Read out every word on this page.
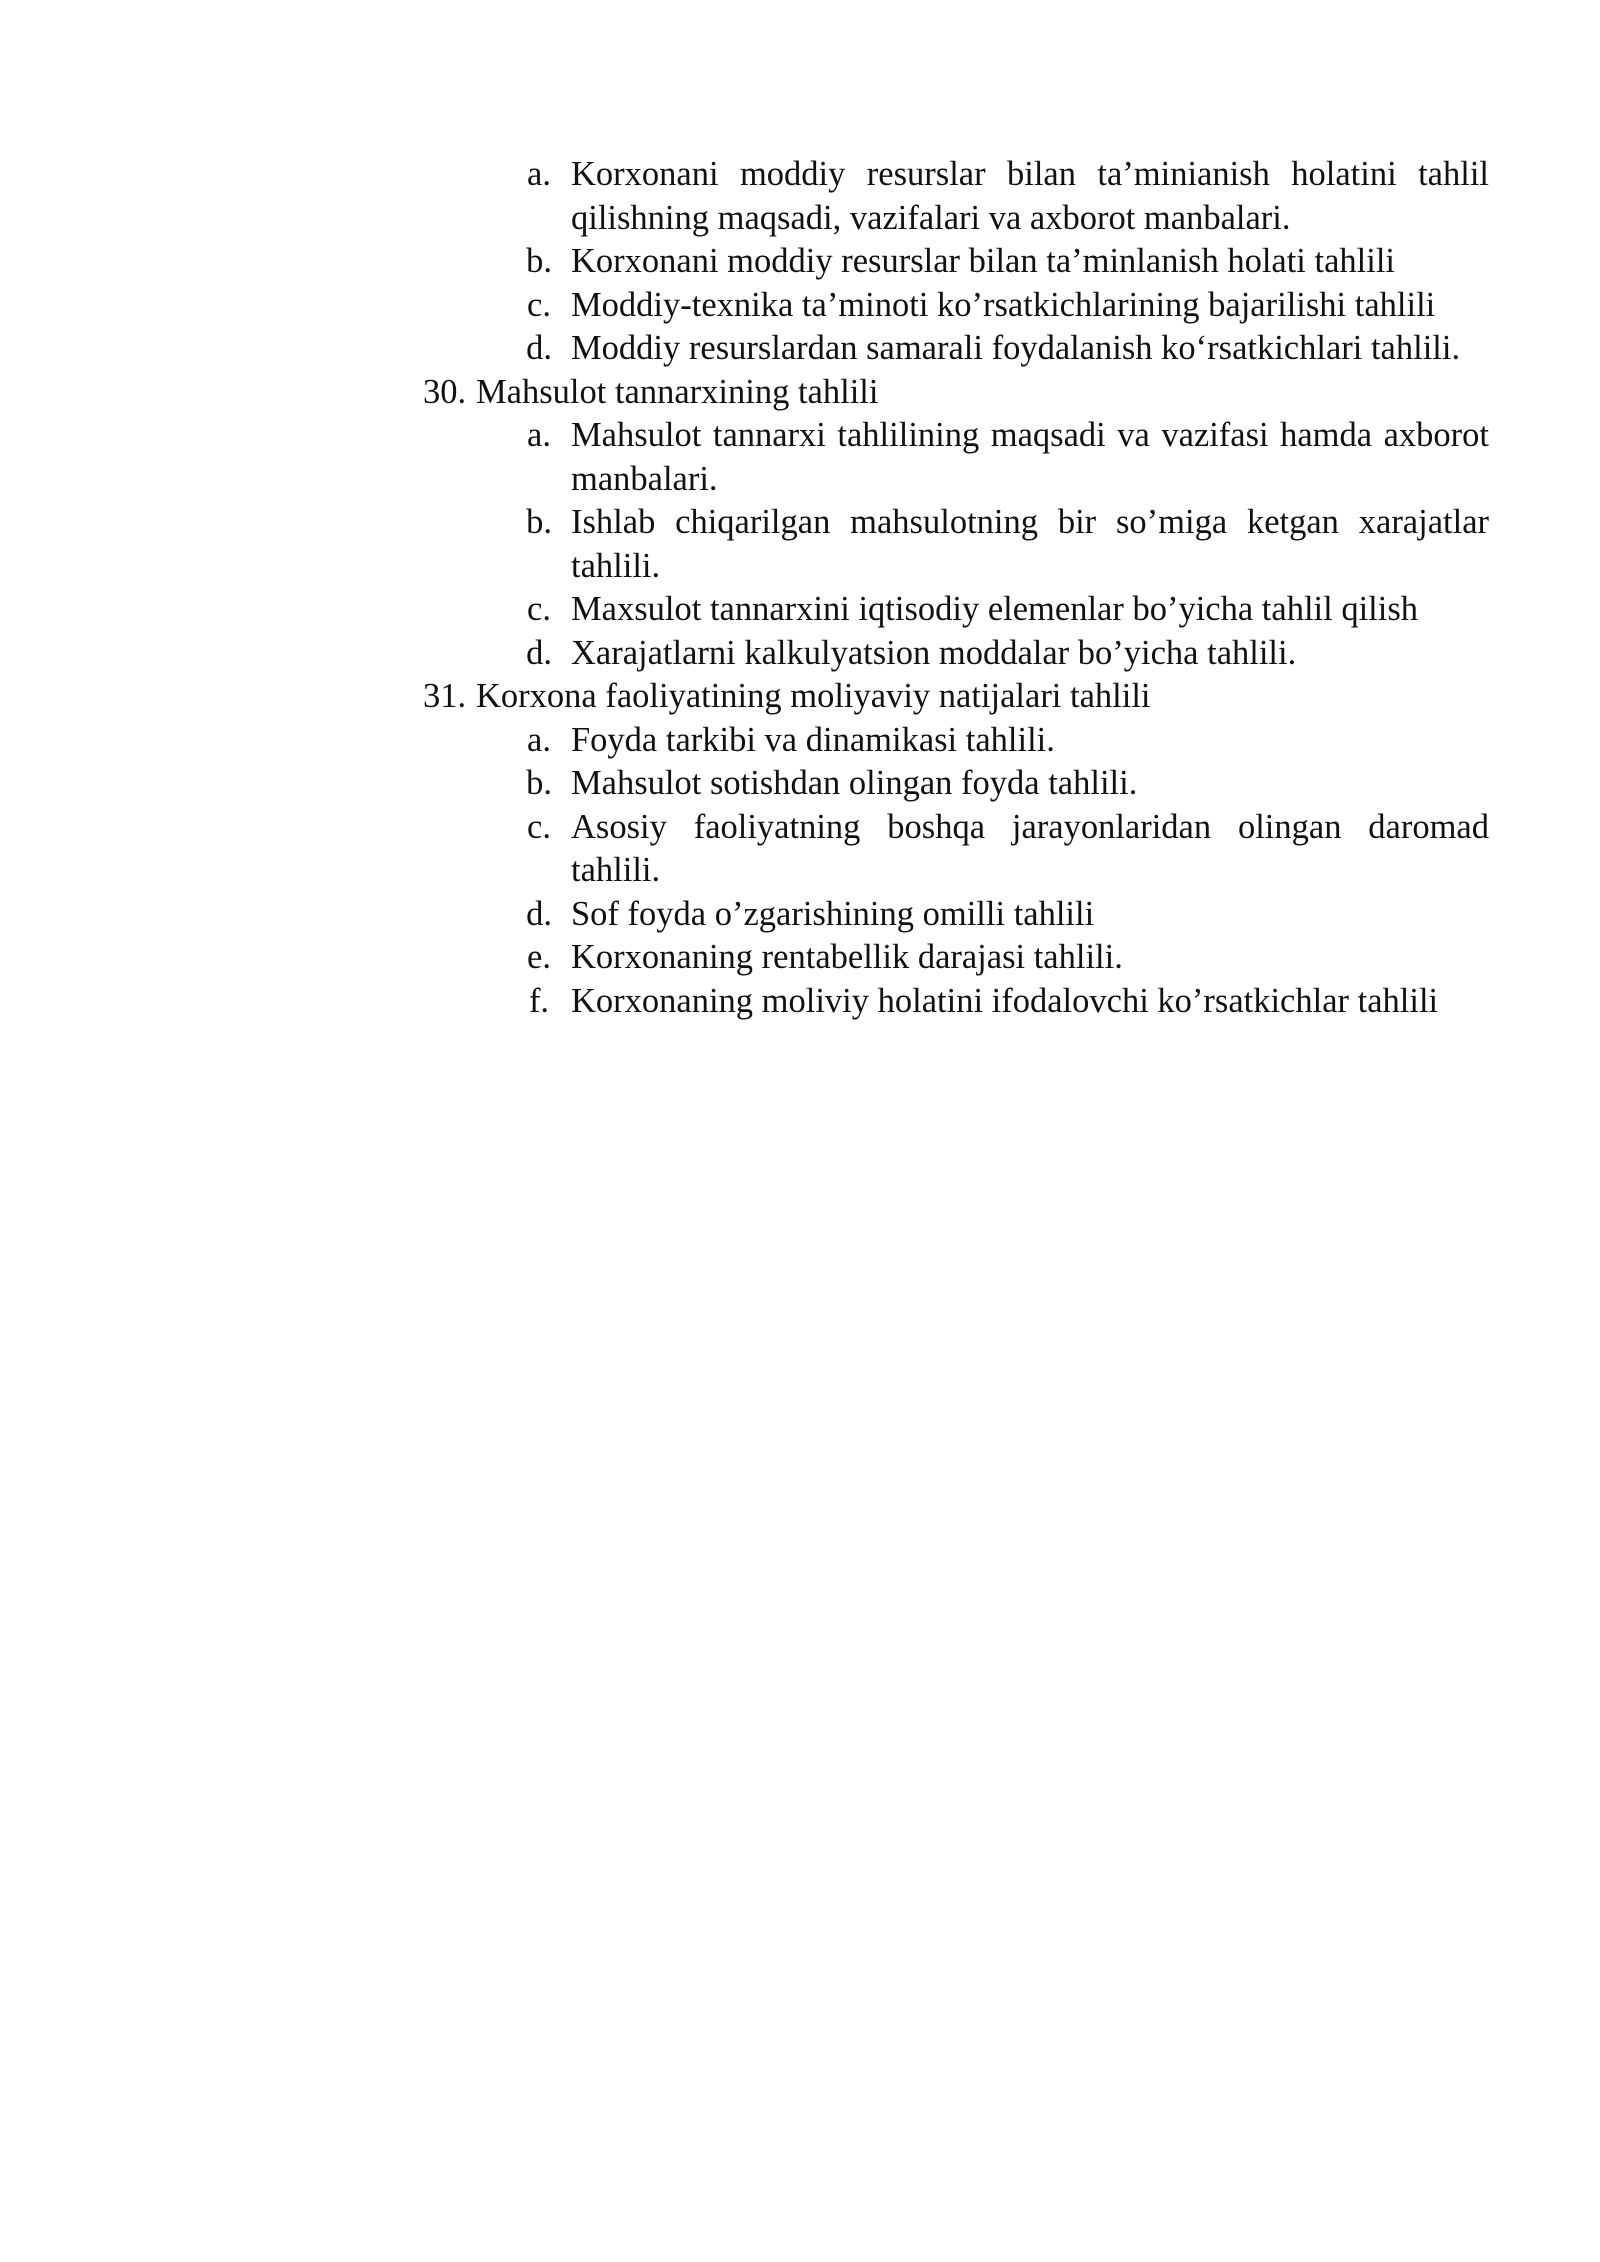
a. Korxonani moddiy resurslar bilan ta’minianish holatini tahlil qilishning maqsadi, vazifalari va axborot manbalari.
b. Korxonani moddiy resurslar bilan ta’minlanish holati tahlili
c. Moddiy-texnika ta’minoti ko’rsatkichlarining bajarilishi tahlili
d. Moddiy resurslardan samarali foydalanish ko‘rsatkichlari tahlili.
30. Mahsulot tannarxining tahlili
a. Mahsulot tannarxi tahlilining maqsadi va vazifasi hamda axborot manbalari.
b. Ishlab chiqarilgan mahsulotning bir so’miga ketgan xarajatlar tahlili.
c. Maxsulot tannarxini iqtisodiy elemenlar bo’yicha tahlil qilish
d. Xarajatlarni kalkulyatsion moddalar bo’yicha tahlili.
31. Korxona faoliyatining moliyaviy natijalari tahlili
a. Foyda tarkibi va dinamikasi tahlili.
b. Mahsulot sotishdan olingan foyda tahlili.
c. Asosiy faoliyatning boshqa jarayonlaridan olingan daromad tahlili.
d. Sof foyda o’zgarishining omilli tahlili
e. Korxonaning rentabellik darajasi tahlili.
f. Korxonaning moliviy holatini ifodalovchi ko’rsatkichlar tahlili
